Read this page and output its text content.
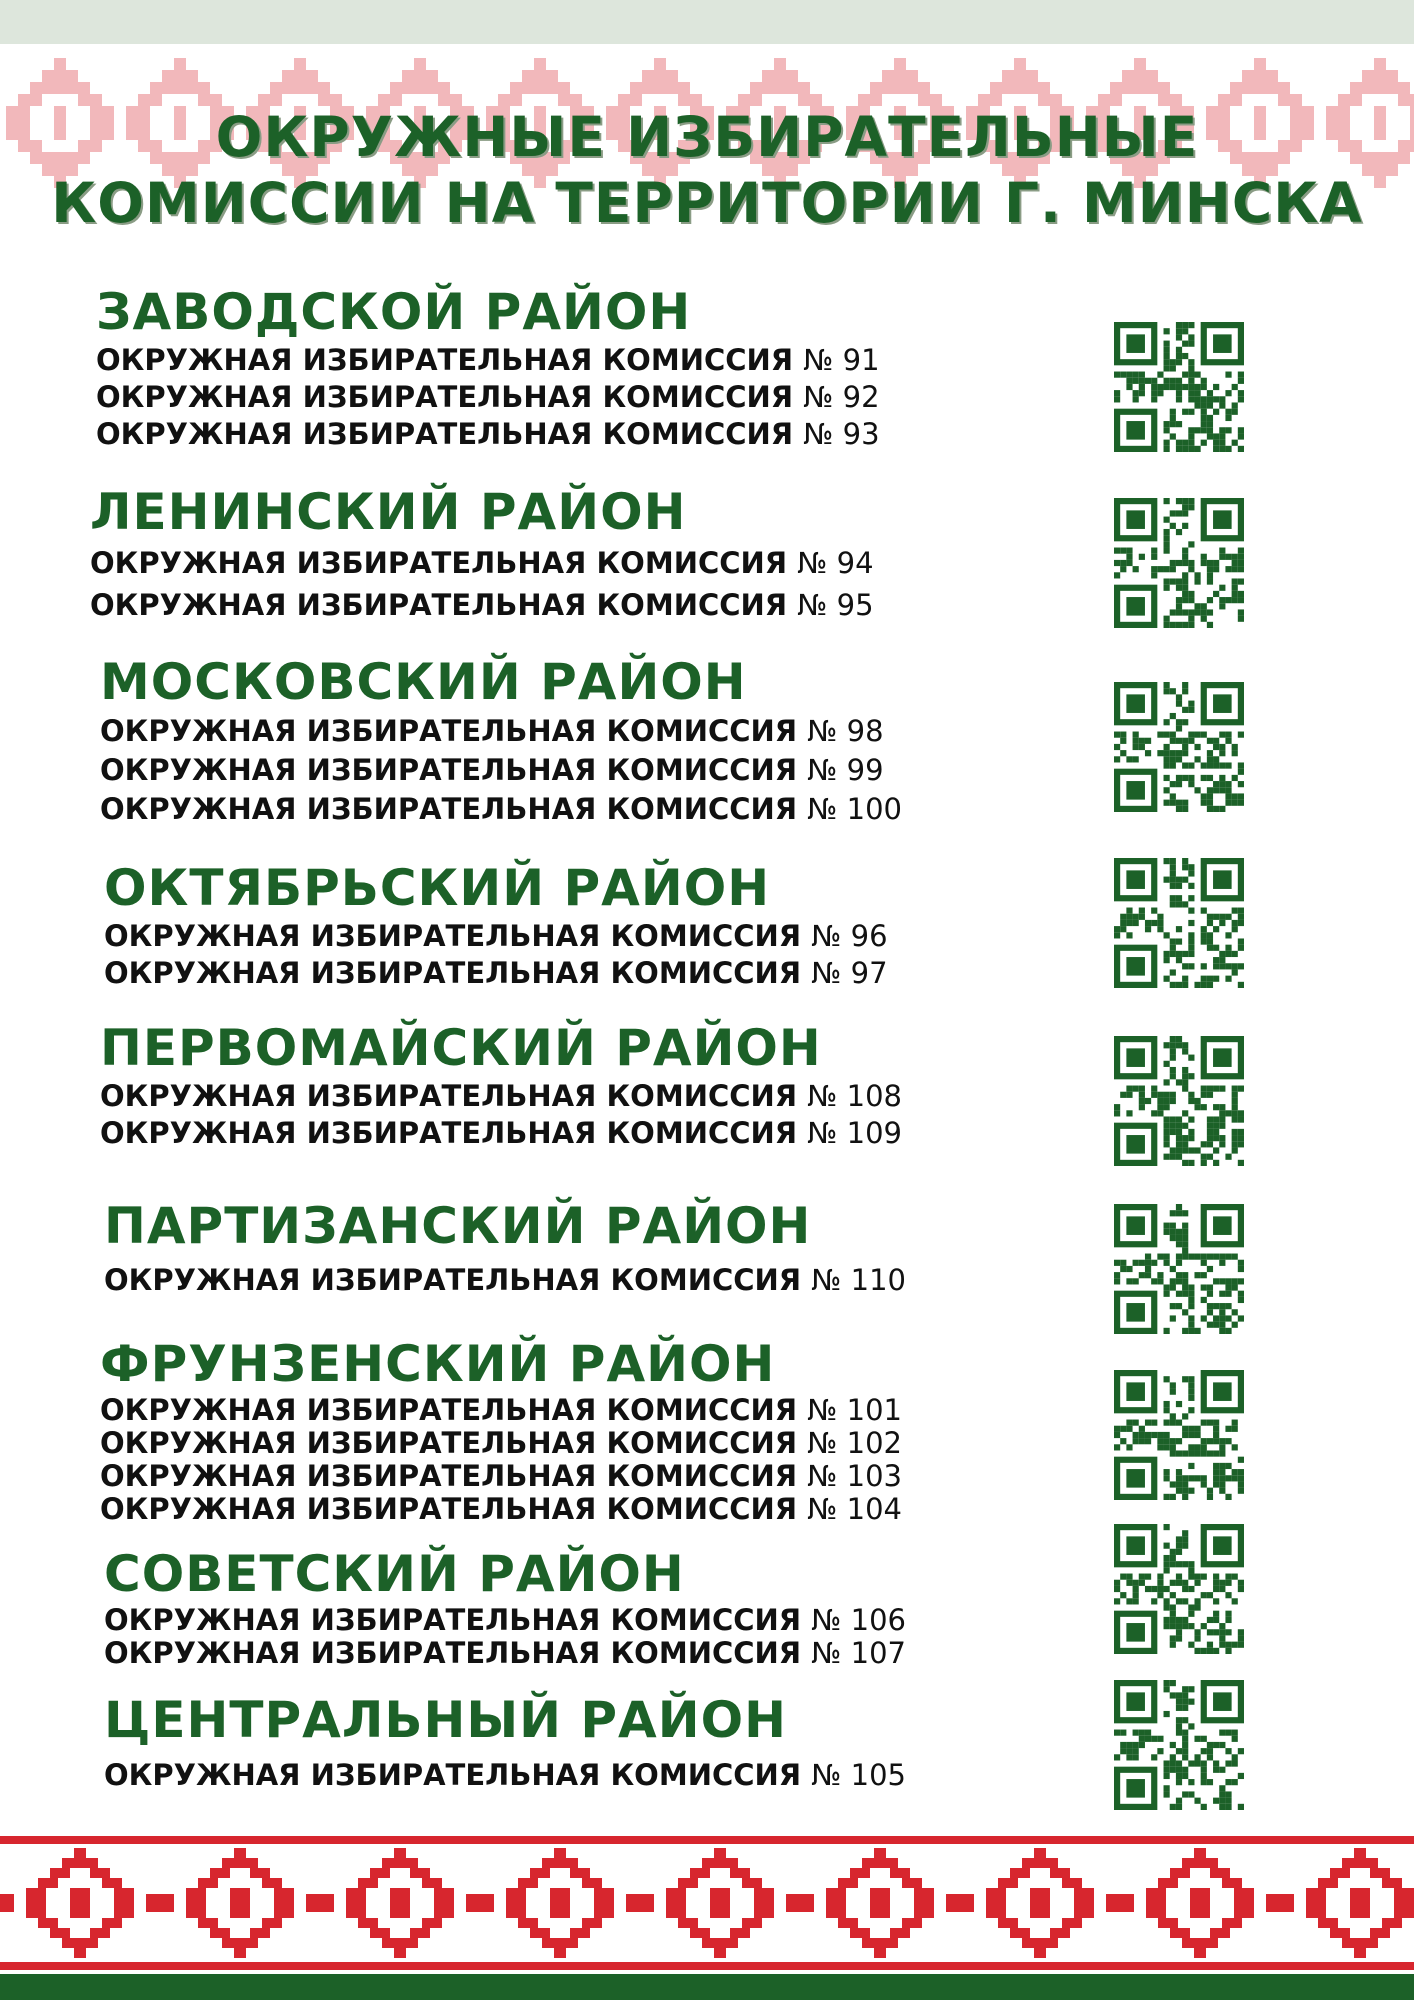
ОКРУЖНЫЕ ИЗБИРАТЕЛЬНЫЕ
КОМИССИИ НА ТЕРРИТОРИИ Г. МИНСКА
ЗАВОДСКОЙ РАЙОН
ОКРУЖНАЯ ИЗБИРАТЕЛЬНАЯ КОМИССИЯ № 91
ОКРУЖНАЯ ИЗБИРАТЕЛЬНАЯ КОМИССИЯ № 92
ОКРУЖНАЯ ИЗБИРАТЕЛЬНАЯ КОМИССИЯ № 93
ЛЕНИНСКИЙ РАЙОН
ОКРУЖНАЯ ИЗБИРАТЕЛЬНАЯ КОМИССИЯ № 94
ОКРУЖНАЯ ИЗБИРАТЕЛЬНАЯ КОМИССИЯ № 95
МОСКОВСКИЙ РАЙОН
ОКРУЖНАЯ ИЗБИРАТЕЛЬНАЯ КОМИССИЯ № 98
ОКРУЖНАЯ ИЗБИРАТЕЛЬНАЯ КОМИССИЯ № 99
ОКРУЖНАЯ ИЗБИРАТЕЛЬНАЯ КОМИССИЯ № 100
ОКТЯБРЬСКИЙ РАЙОН
ОКРУЖНАЯ ИЗБИРАТЕЛЬНАЯ КОМИССИЯ № 96
ОКРУЖНАЯ ИЗБИРАТЕЛЬНАЯ КОМИССИЯ № 97
ПЕРВОМАЙСКИЙ РАЙОН
ОКРУЖНАЯ ИЗБИРАТЕЛЬНАЯ КОМИССИЯ № 108
ОКРУЖНАЯ ИЗБИРАТЕЛЬНАЯ КОМИССИЯ № 109
ПАРТИЗАНСКИЙ РАЙОН
ОКРУЖНАЯ ИЗБИРАТЕЛЬНАЯ КОМИССИЯ № 110
ФРУНЗЕНСКИЙ РАЙОН
ОКРУЖНАЯ ИЗБИРАТЕЛЬНАЯ КОМИССИЯ № 101
ОКРУЖНАЯ ИЗБИРАТЕЛЬНАЯ КОМИССИЯ № 102
ОКРУЖНАЯ ИЗБИРАТЕЛЬНАЯ КОМИССИЯ № 103
ОКРУЖНАЯ ИЗБИРАТЕЛЬНАЯ КОМИССИЯ № 104
СОВЕТСКИЙ РАЙОН
ОКРУЖНАЯ ИЗБИРАТЕЛЬНАЯ КОМИССИЯ № 106
ОКРУЖНАЯ ИЗБИРАТЕЛЬНАЯ КОМИССИЯ № 107
ЦЕНТРАЛЬНЫЙ РАЙОН
ОКРУЖНАЯ ИЗБИРАТЕЛЬНАЯ КОМИССИЯ № 105
